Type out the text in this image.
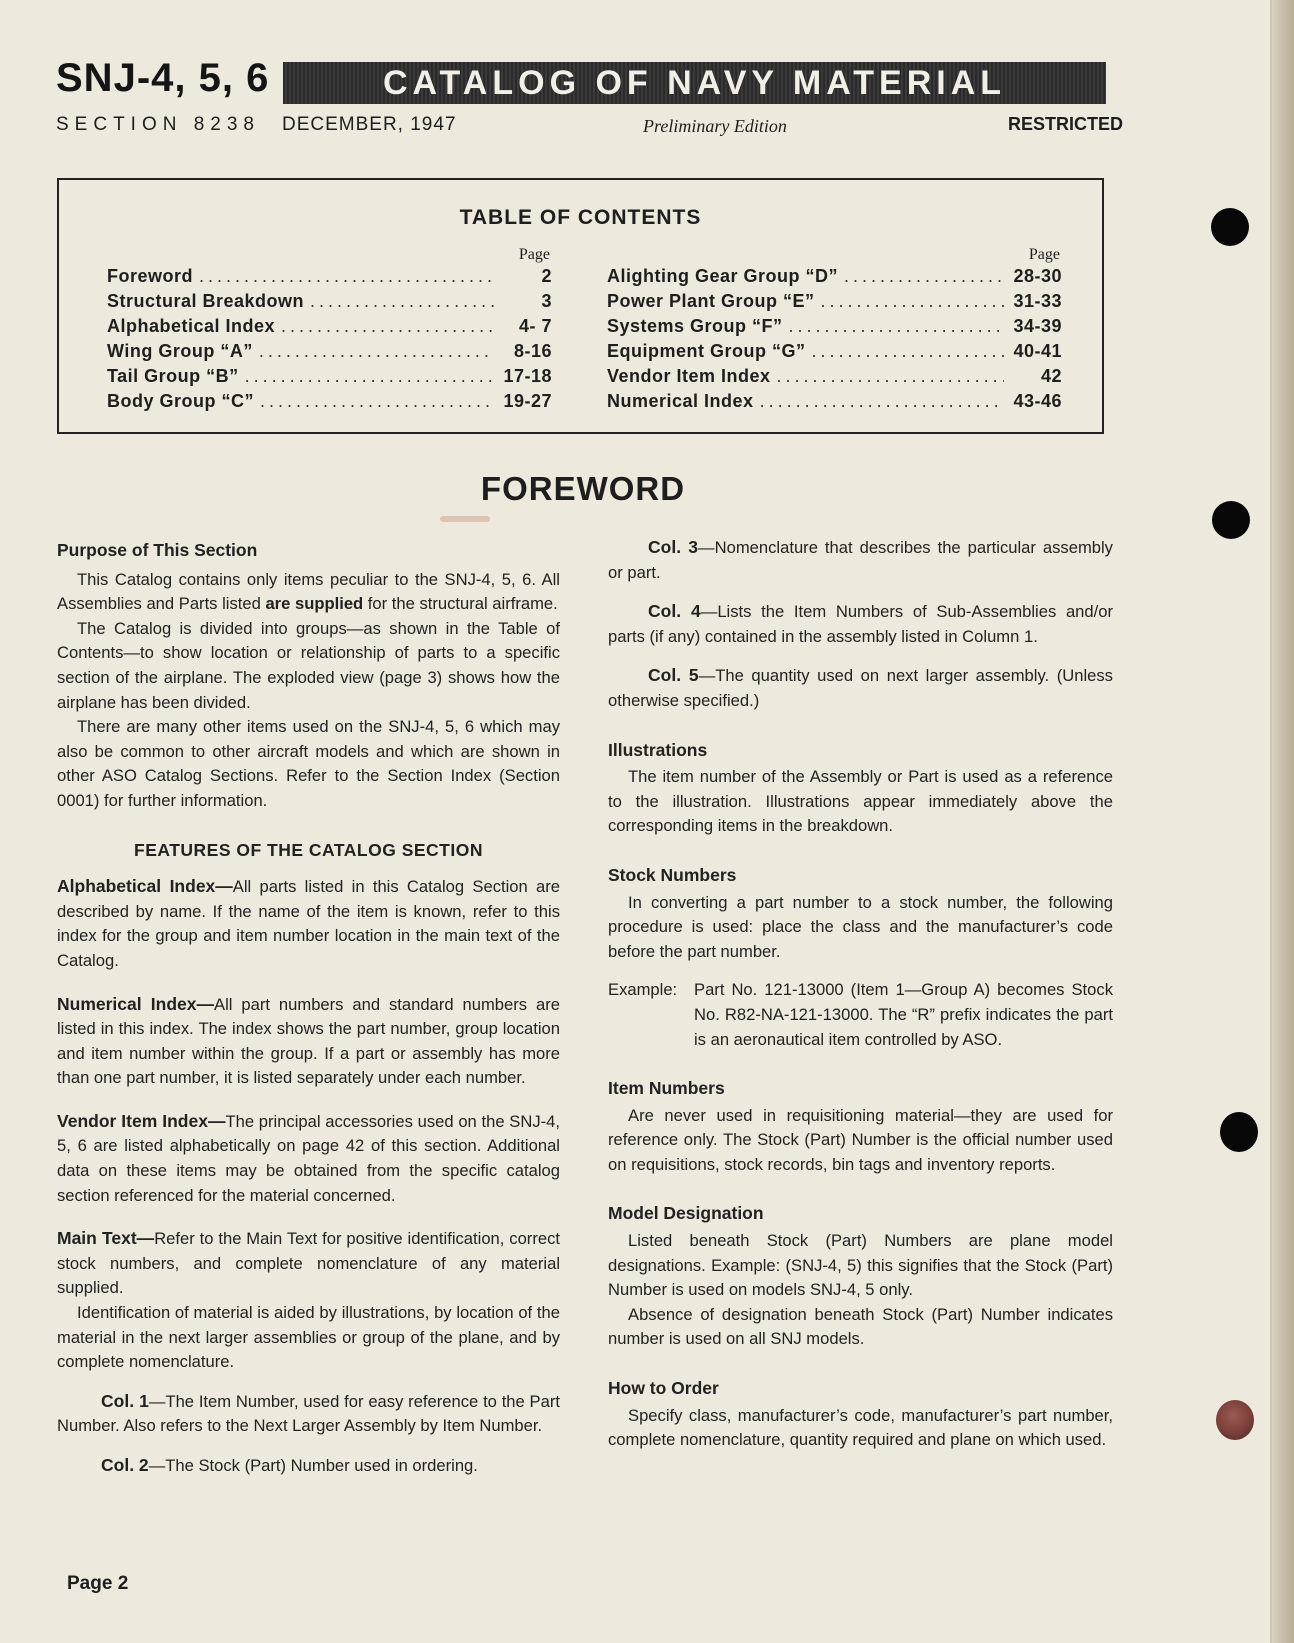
SNJ-4, 5, 6	CATALOG OF NAVY MATERIAL
SECTION 8238 DECEMBER, 1947	Preliminary Edition	RESTRICTED
TABLE OF CONTENTS
Page
Foreword .....	2
Structural Breakdown .....	3
Alphabetical Index .....	4- 7
Wing Group “A” .....	8-16
Tail Group “B” .....	17-18
Body Group “C” .....	19-27
Page
Alighting Gear Group “D” .....	28-30
Power Plant Group “E” .....	31-33
Systems Group “F” .....	34-39
Equipment Group “G” .....	40-41
Vendor Item Index .....	42
Numerical Index .....	43-46
FOREWORD

Purpose of This Section

This Catalog contains only items peculiar to the SNJ-4, 5, 6. All Assemblies and Parts listed are supplied for the structural airframe.

The Catalog is divided into groups—as shown in the Table of Contents—to show location or relationship of parts to a specific section of the airplane. The exploded view (page 3) shows how the airplane has been divided.

There are many other items used on the SNJ-4, 5, 6 which may also be common to other aircraft models and which are shown in other ASO Catalog Sections. Refer to the Section Index (Section 0001) for further information.

FEATURES OF THE CATALOG SECTION

Alphabetical Index—All parts listed in this Catalog Section are described by name. If the name of the item is known, refer to this index for the group and item number location in the main text of the Catalog.

Numerical Index—All part numbers and standard numbers are listed in this index. The index shows the part number, group location and item number within the group. If a part or assembly has more than one part number, it is listed separately under each number.

Vendor Item Index—The principal accessories used on the SNJ-4, 5, 6 are listed alphabetically on page 42 of this section. Additional data on these items may be obtained from the specific catalog section referenced for the material concerned.

Main Text—Refer to the Main Text for positive identification, correct stock numbers, and complete nomenclature of any material supplied.

Identification of material is aided by illustrations, by location of the material in the next larger assemblies or group of the plane, and by complete nomenclature.

Col. 1—The Item Number, used for easy reference to the Part Number. Also refers to the Next Larger Assembly by Item Number.

Col. 2—The Stock (Part) Number used in ordering.

Col. 3—Nomenclature that describes the particular assembly or part.

Col. 4—Lists the Item Numbers of Sub-Assemblies and/or parts (if any) contained in the assembly listed in Column 1.

Col. 5—The quantity used on next larger assembly. (Unless otherwise specified.)

Illustrations

The item number of the Assembly or Part is used as a reference to the illustration. Illustrations appear immediately above the corresponding items in the breakdown.

Stock Numbers

In converting a part number to a stock number, the following procedure is used: place the class and the manufacturer’s code before the part number.

Example:	Part No. 121-13000 (Item 1—Group A) becomes Stock No. R82-NA-121-13000. The “R” prefix indicates the part is an aeronautical item controlled by ASO.

Item Numbers

Are never used in requisitioning material—they are used for reference only. The Stock (Part) Number is the official number used on requisitions, stock records, bin tags and inventory reports.

Model Designation

Listed beneath Stock (Part) Numbers are plane model designations. Example: (SNJ-4, 5) this signifies that the Stock (Part) Number is used on models SNJ-4, 5 only.

Absence of designation beneath Stock (Part) Number indicates number is used on all SNJ models.

How to Order

Specify class, manufacturer’s code, manufacturer’s part number, complete nomenclature, quantity required and plane on which used.

Page 2
